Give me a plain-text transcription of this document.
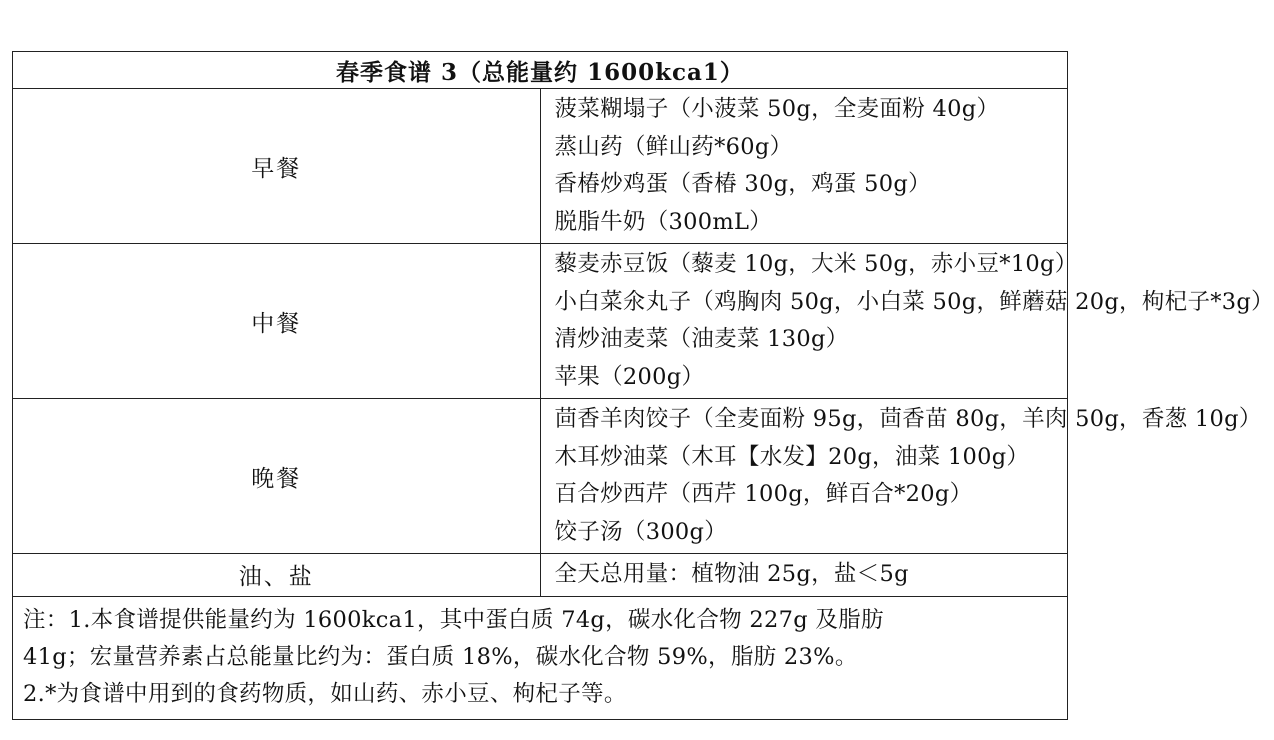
春季食谱 3（总能量约 1600kca1）	
早餐	菠菜糊塌子（小菠菜 50g，全麦面粉 40g）
蒸山药（鲜山药*60g）
香椿炒鸡蛋（香椿 30g，鸡蛋 50g）
脱脂牛奶（300mL）

中餐	藜麦赤豆饭（藜麦 10g，大米 50g，赤小豆*10g）
小白菜氽丸子（鸡胸肉 50g，小白菜 50g，鲜蘑菇 20g，枸杞子*3g）
清炒油麦菜（油麦菜 130g）
苹果（200g）

晚餐	茴香羊肉饺子（全麦面粉 95g，茴香苗 80g，羊肉 50g，香葱 10g）
木耳炒油菜（木耳【水发】20g，油菜 100g）
百合炒西芹（西芹 100g，鲜百合*20g）
饺子汤（300g）

油、盐	全天总用量：植物油 25g，盐＜5g

注：1.本食谱提供能量约为 1600kca1，其中蛋白质 74g，碳水化合物 227g 及脂肪
41g；宏量营养素占总能量比约为：蛋白质 18%，碳水化合物 59%，脂肪 23%。
2.*为食谱中用到的食药物质，如山药、赤小豆、枸杞子等。	
